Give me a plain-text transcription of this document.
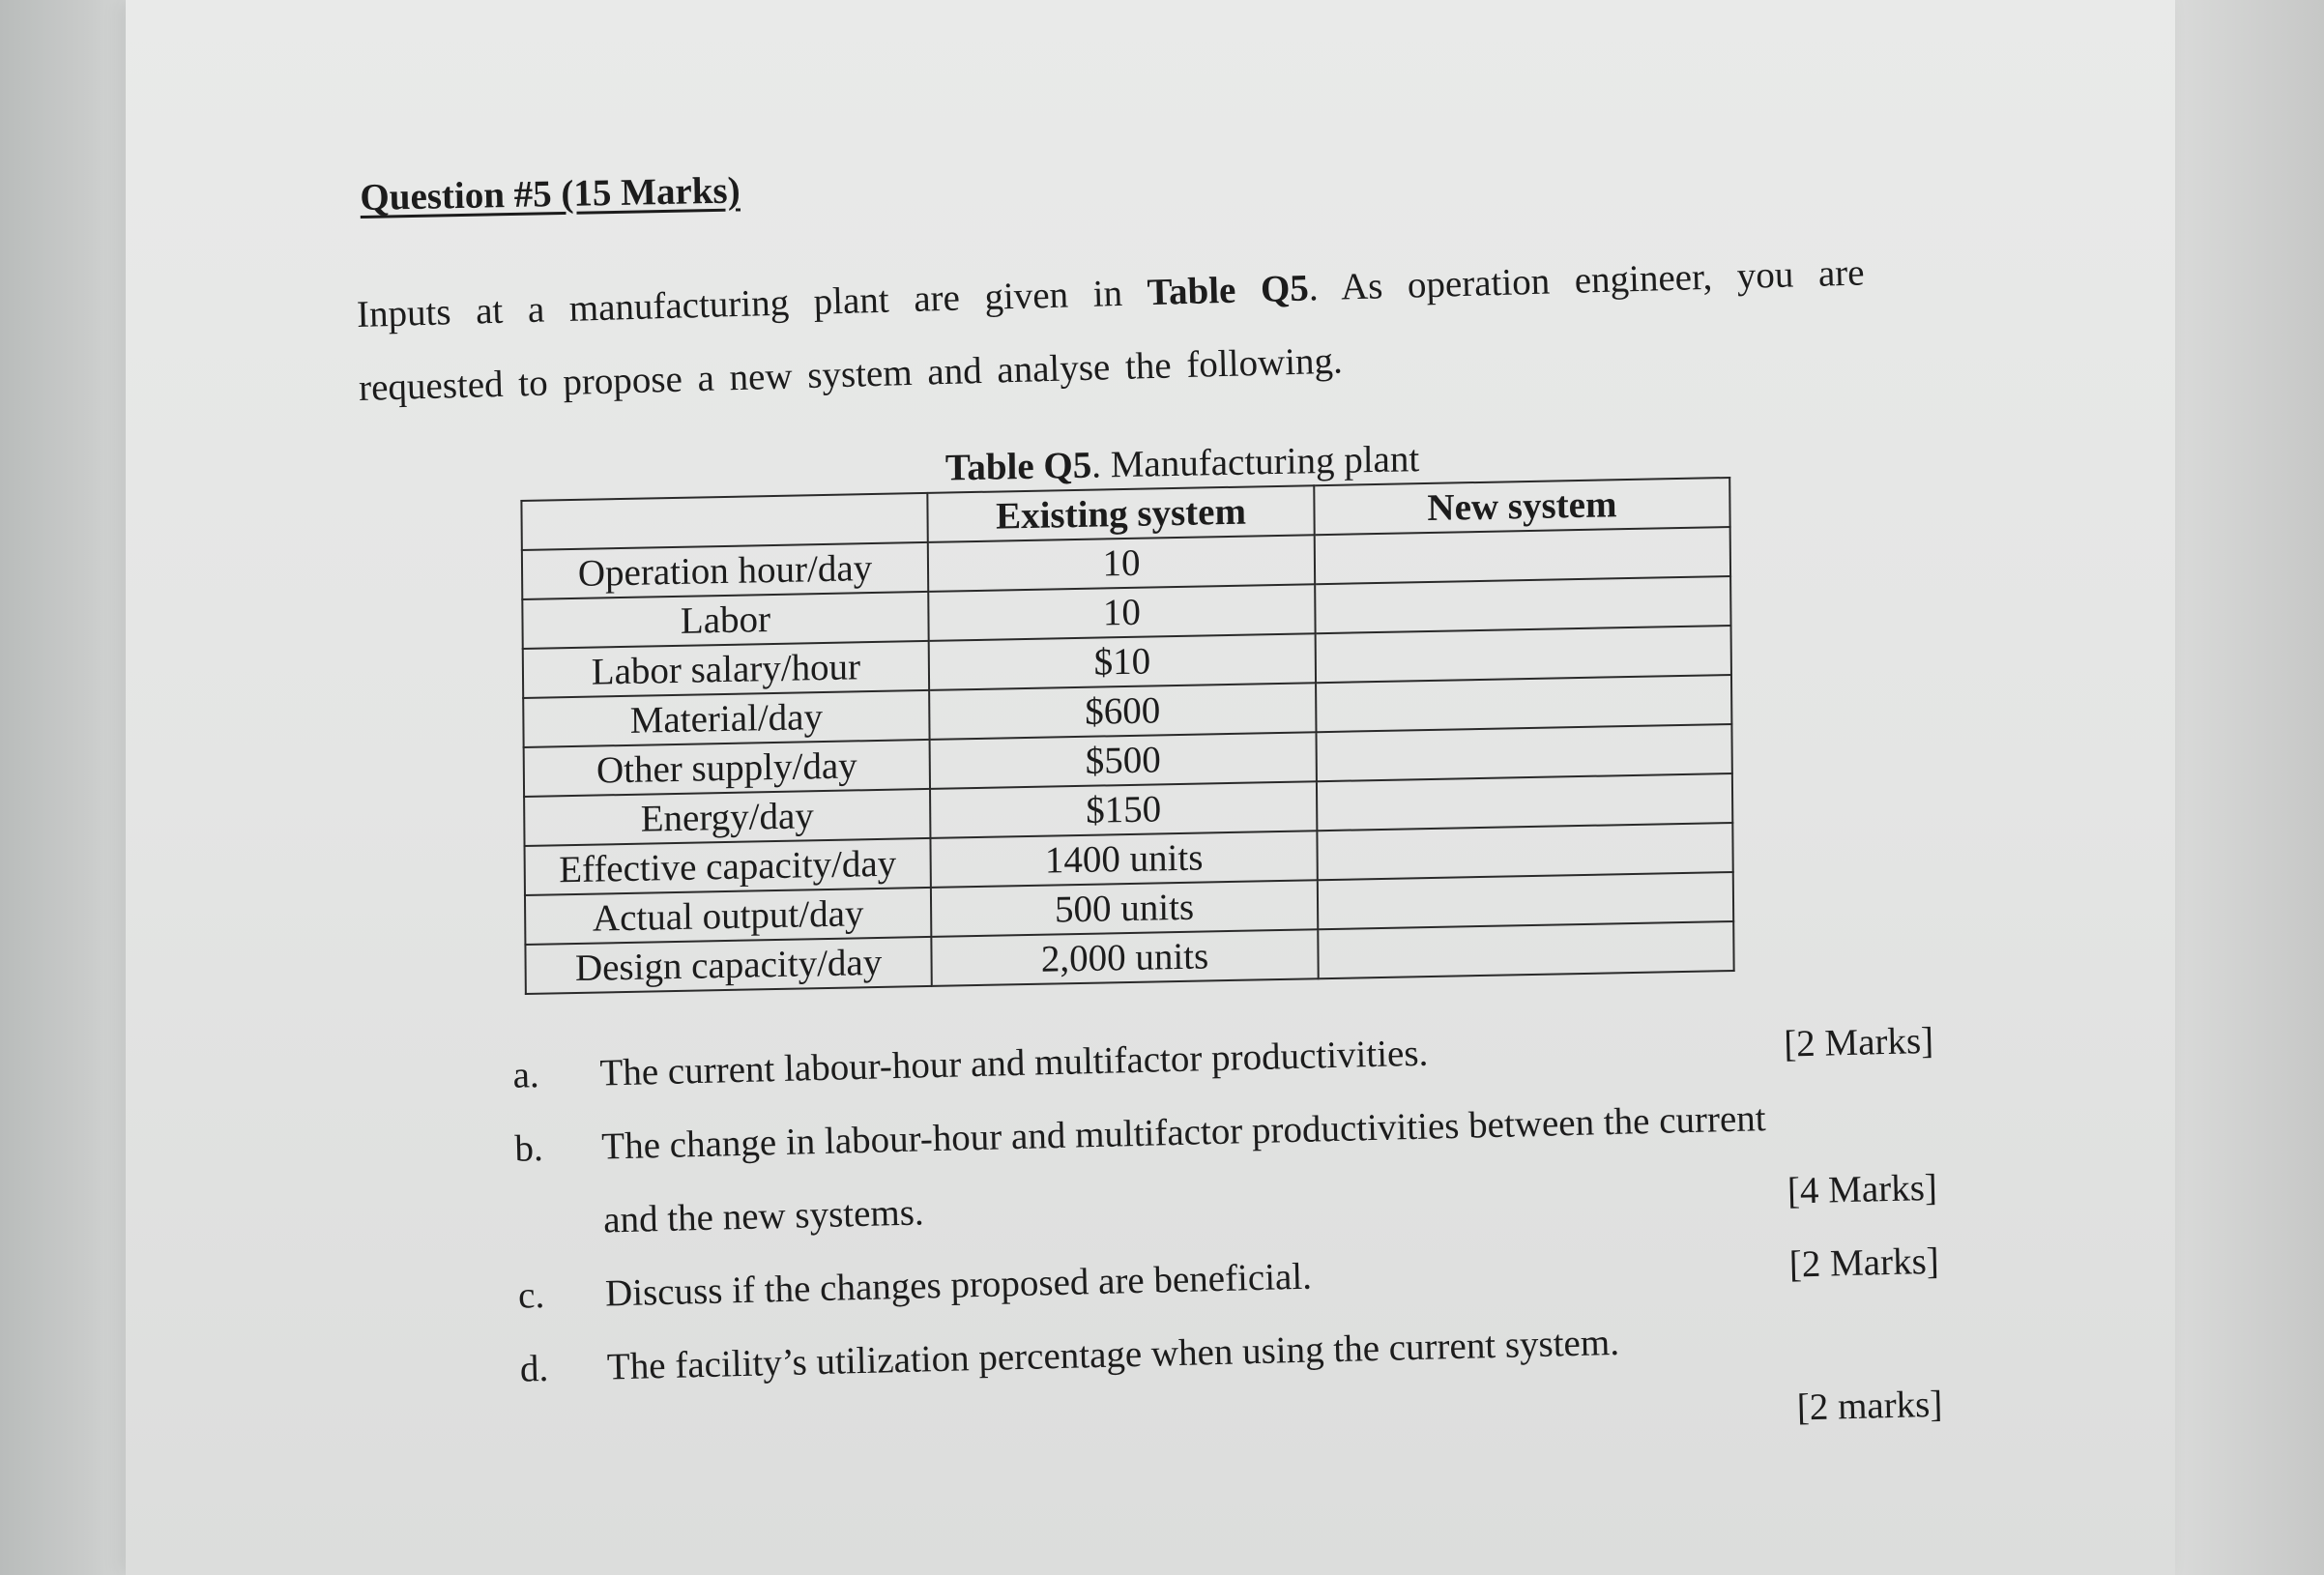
Question #5 (15 Marks)
Inputs at a manufacturing plant are given in Table Q5. As operation engineer, you are
requested to propose a new system and analyse the following.
Table Q5. Manufacturing plant
	Existing system	New system
Operation hour/day	10	
Labor	10	
Labor salary/hour	$10	
Material/day	$600	
Other supply/day	$500	
Energy/day	$150	
Effective capacity/day	1400 units	
Actual output/day	500 units	
Design capacity/day	2,000 units	
a. The current labour-hour and multifactor productivities.	[2 Marks]
b. The change in labour-hour and multifactor productivities between the current
and the new systems.
[4 Marks]
c. Discuss if the changes proposed are beneficial.	[2 Marks]
d. The facility’s utilization percentage when using the current system.
[2 marks]
